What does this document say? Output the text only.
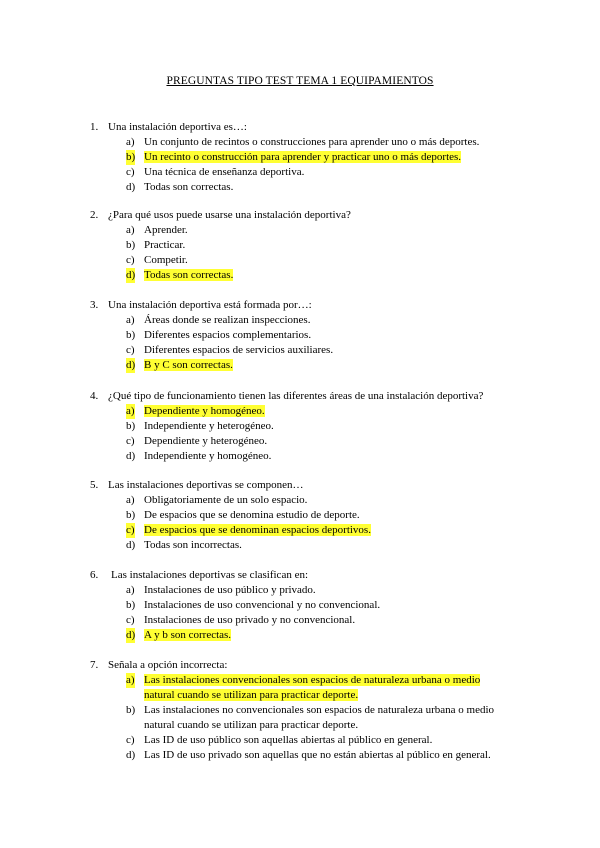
PREGUNTAS TIPO TEST TEMA 1 EQUIPAMIENTOS
1. Una instalación deportiva es…:
a) Un conjunto de recintos o construcciones para aprender uno o más deportes.
b) Un recinto o construcción para aprender y practicar uno o más deportes.
c) Una técnica de enseñanza deportiva.
d) Todas son correctas.
2. ¿Para qué usos puede usarse una instalación deportiva?
a) Aprender.
b) Practicar.
c) Competir.
d) Todas son correctas.
3. Una instalación deportiva está formada por…:
a) Áreas donde se realizan inspecciones.
b) Diferentes espacios complementarios.
c) Diferentes espacios de servicios auxiliares.
d) B y C son correctas.
4. ¿Qué tipo de funcionamiento tienen las diferentes áreas de una instalación deportiva?
a) Dependiente y homogéneo.
b) Independiente y heterogéneo.
c) Dependiente y heterogéneo.
d) Independiente y homogéneo.
5. Las instalaciones deportivas se componen…
a) Obligatoriamente de un solo espacio.
b) De espacios que se denomina estudio de deporte.
c) De espacios que se denominan espacios deportivos.
d) Todas son incorrectas.
6. Las instalaciones deportivas se clasifican en:
a) Instalaciones de uso público y privado.
b) Instalaciones de uso convencional y no convencional.
c) Instalaciones de uso privado y no convencional.
d) A y b son correctas.
7. Señala a opción incorrecta:
a) Las instalaciones convencionales son espacios de naturaleza urbana o medio natural cuando se utilizan para practicar deporte.
b) Las instalaciones no convencionales son espacios de naturaleza urbana o medio natural cuando se utilizan para practicar deporte.
c) Las ID de uso público son aquellas abiertas al público en general.
d) Las ID de uso privado son aquellas que no están abiertas al público en general.
